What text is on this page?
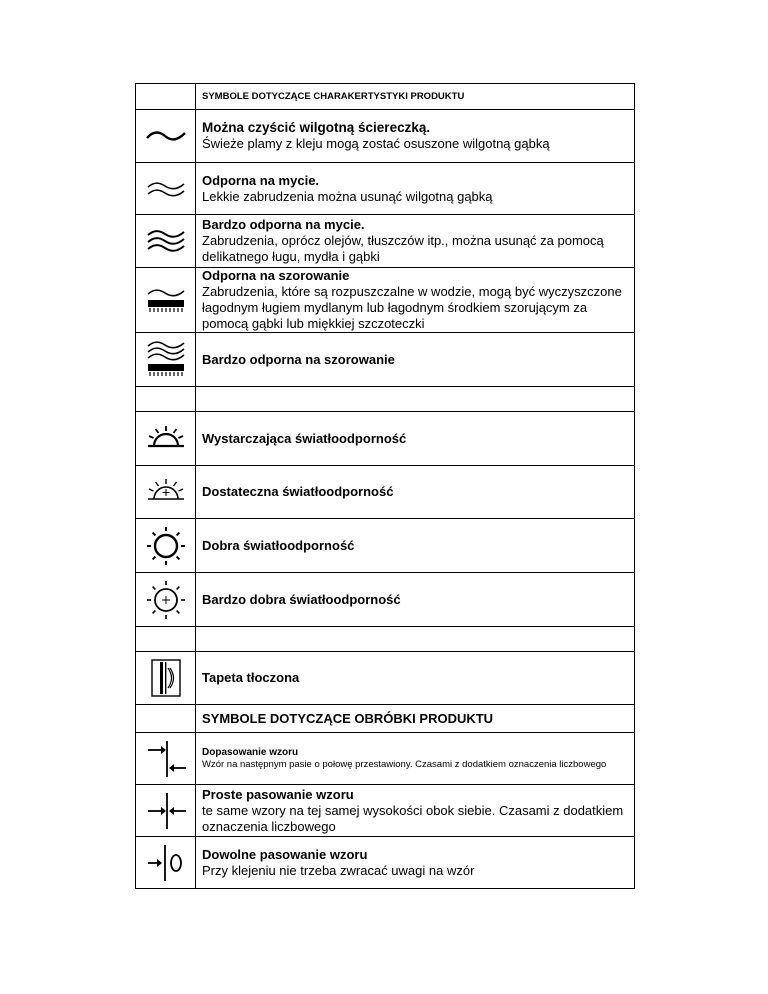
	SYMBOLE DOTYCZĄCE CHARAKERTYSTYKI PRODUKTU

	Można czyścić wilgotną ściereczką.
Świeże plamy z kleju mogą zostać osuszone wilgotną gąbką

	Odporna na mycie.
Lekkie zabrudzenia można usunąć wilgotną gąbką

	Bardzo odporna na mycie.
Zabrudzenia, oprócz olejów, tłuszczów itp., można usunąć za pomocą delikatnego ługu, mydła i gąbki

	Odporna na szorowanie
Zabrudzenia, które są rozpuszczalne w wodzie, mogą być wyczyszczone łagodnym ługiem mydlanym lub łagodnym środkiem szorującym za pomocą gąbki lub miękkiej szczoteczki

	Bardzo odporna na szorowanie

	Wystarczająca światłoodporność

	Dostateczna światłoodporność

	Dobra światłoodporność

	Bardzo dobra światłoodporność

	Tapeta tłoczona
	SYMBOLE DOTYCZĄCE OBRÓBKI PRODUKTU

	Dopasowanie wzoru
Wzór na następnym pasie o połowę przestawiony. Czasami z dodatkiem oznaczenia liczbowego

	Proste pasowanie wzoru
te same wzory na tej samej wysokości obok siebie. Czasami z dodatkiem oznaczenia liczbowego

	Dowolne pasowanie wzoru
Przy klejeniu nie trzeba zwracać uwagi na wzór
